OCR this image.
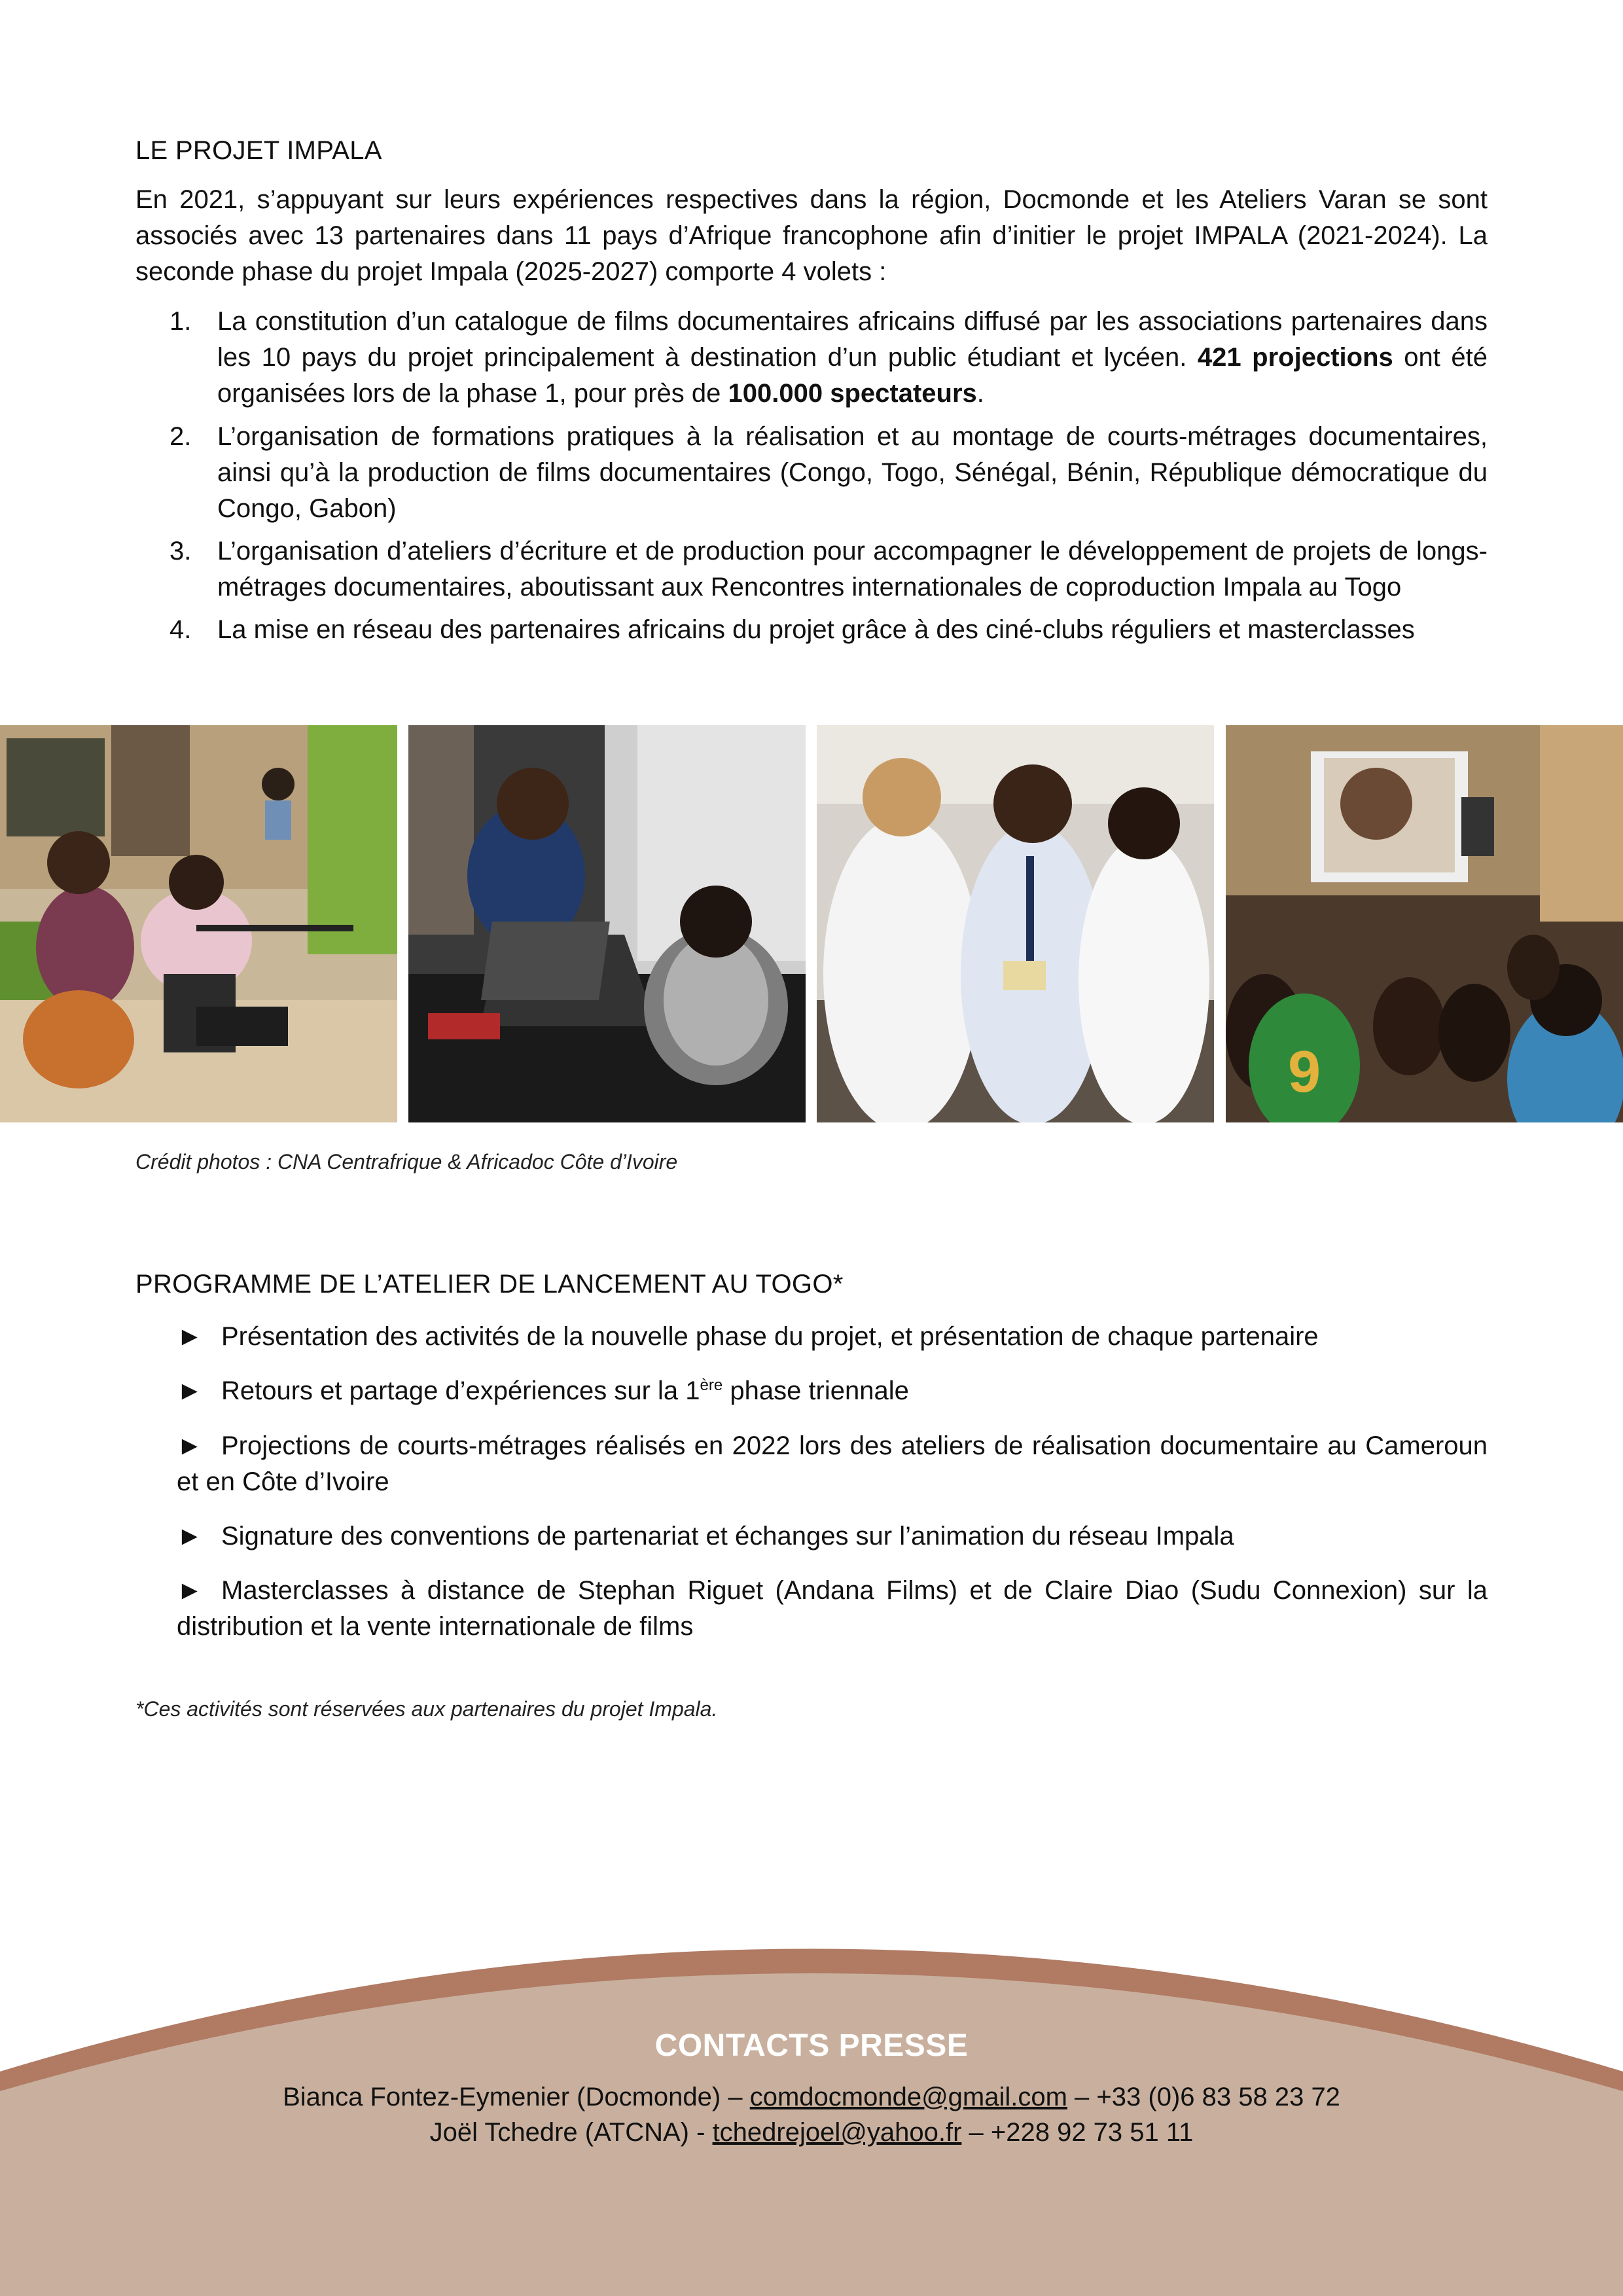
LE PROJET IMPALA

En 2021, s’appuyant sur leurs expériences respectives dans la région, Docmonde et les Ateliers Varan se sont associés avec 13 partenaires dans 11 pays d’Afrique francophone afin d’initier le projet IMPALA (2021-2024). La seconde phase du projet Impala (2025-2027) comporte 4 volets :

1. La constitution d’un catalogue de films documentaires africains diffusé par les associations partenaires dans les 10 pays du projet principalement à destination d’un public étudiant et lycéen. 421 projections ont été organisées lors de la phase 1, pour près de 100.000 spectateurs.
2. L’organisation de formations pratiques à la réalisation et au montage de courts-métrages documentaires, ainsi qu’à la production de films documentaires (Congo, Togo, Sénégal, Bénin, République démocratique du Congo, Gabon)
3. L’organisation d’ateliers d’écriture et de production pour accompagner le développement de projets de longs-métrages documentaires, aboutissant aux Rencontres internationales de coproduction Impala au Togo
4. La mise en réseau des partenaires africains du projet grâce à des ciné-clubs réguliers et masterclasses
9
Crédit photos : CNA Centrafrique & Africadoc Côte d’Ivoire
PROGRAMME DE L’ATELIER DE LANCEMENT AU TOGO*
► Présentation des activités de la nouvelle phase du projet, et présentation de chaque partenaire
► Retours et partage d’expériences sur la 1ère phase triennale
► Projections de courts-métrages réalisés en 2022 lors des ateliers de réalisation documentaire au Cameroun et en Côte d’Ivoire
► Signature des conventions de partenariat et échanges sur l’animation du réseau Impala
► Masterclasses à distance de Stephan Riguet (Andana Films) et de Claire Diao (Sudu Connexion) sur la distribution et la vente internationale de films
*Ces activités sont réservées aux partenaires du projet Impala.
CONTACTS PRESSE
Bianca Fontez-Eymenier (Docmonde) – comdocmonde@gmail.com – +33 (0)6 83 58 23 72
Joël Tchedre (ATCNA) - tchedrejoel@yahoo.fr – +228 92 73 51 11
